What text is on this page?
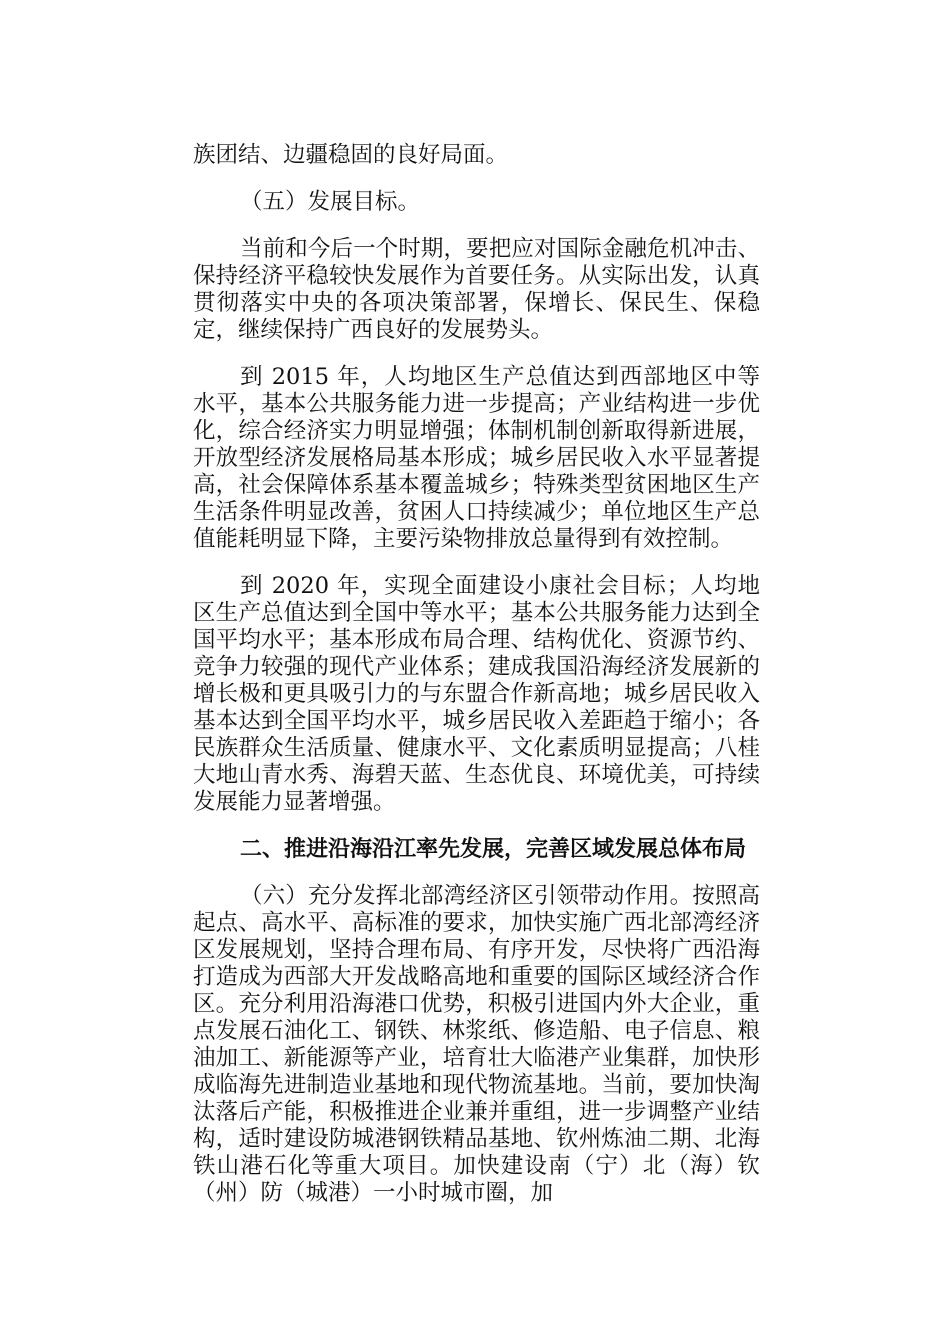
族团结、边疆稳固的良好局面。

（五）发展目标。

当前和今后一个时期，要把应对国际金融危机冲击、保持经济平稳较快发展作为首要任务。从实际出发，认真贯彻落实中央的各项决策部署，保增长、保民生、保稳定，继续保持广西良好的发展势头。

到 2015 年，人均地区生产总值达到西部地区中等水平，基本公共服务能力进一步提高；产业结构进一步优化，综合经济实力明显增强；体制机制创新取得新进展，开放型经济发展格局基本形成；城乡居民收入水平显著提高，社会保障体系基本覆盖城乡；特殊类型贫困地区生产生活条件明显改善，贫困人口持续减少；单位地区生产总值能耗明显下降，主要污染物排放总量得到有效控制。

到 2020 年，实现全面建设小康社会目标；人均地区生产总值达到全国中等水平；基本公共服务能力达到全国平均水平；基本形成布局合理、结构优化、资源节约、竞争力较强的现代产业体系；建成我国沿海经济发展新的增长极和更具吸引力的与东盟合作新高地；城乡居民收入基本达到全国平均水平，城乡居民收入差距趋于缩小；各民族群众生活质量、健康水平、文化素质明显提高；八桂大地山青水秀、海碧天蓝、生态优良、环境优美，可持续发展能力显著增强。

二、推进沿海沿江率先发展，完善区域发展总体布局

（六）充分发挥北部湾经济区引领带动作用。按照高起点、高水平、高标准的要求，加快实施广西北部湾经济区发展规划，坚持合理布局、有序开发，尽快将广西沿海打造成为西部大开发战略高地和重要的国际区域经济合作区。充分利用沿海港口优势，积极引进国内外大企业，重点发展石油化工、钢铁、林浆纸、修造船、电子信息、粮油加工、新能源等产业，培育壮大临港产业集群，加快形成临海先进制造业基地和现代物流基地。当前，要加快淘汰落后产能，积极推进企业兼并重组，进一步调整产业结构，适时建设防城港钢铁精品基地、钦州炼油二期、北海铁山港石化等重大项目。加快建设南（宁）北（海）钦（州）防（城港）一小时城市圈，加
